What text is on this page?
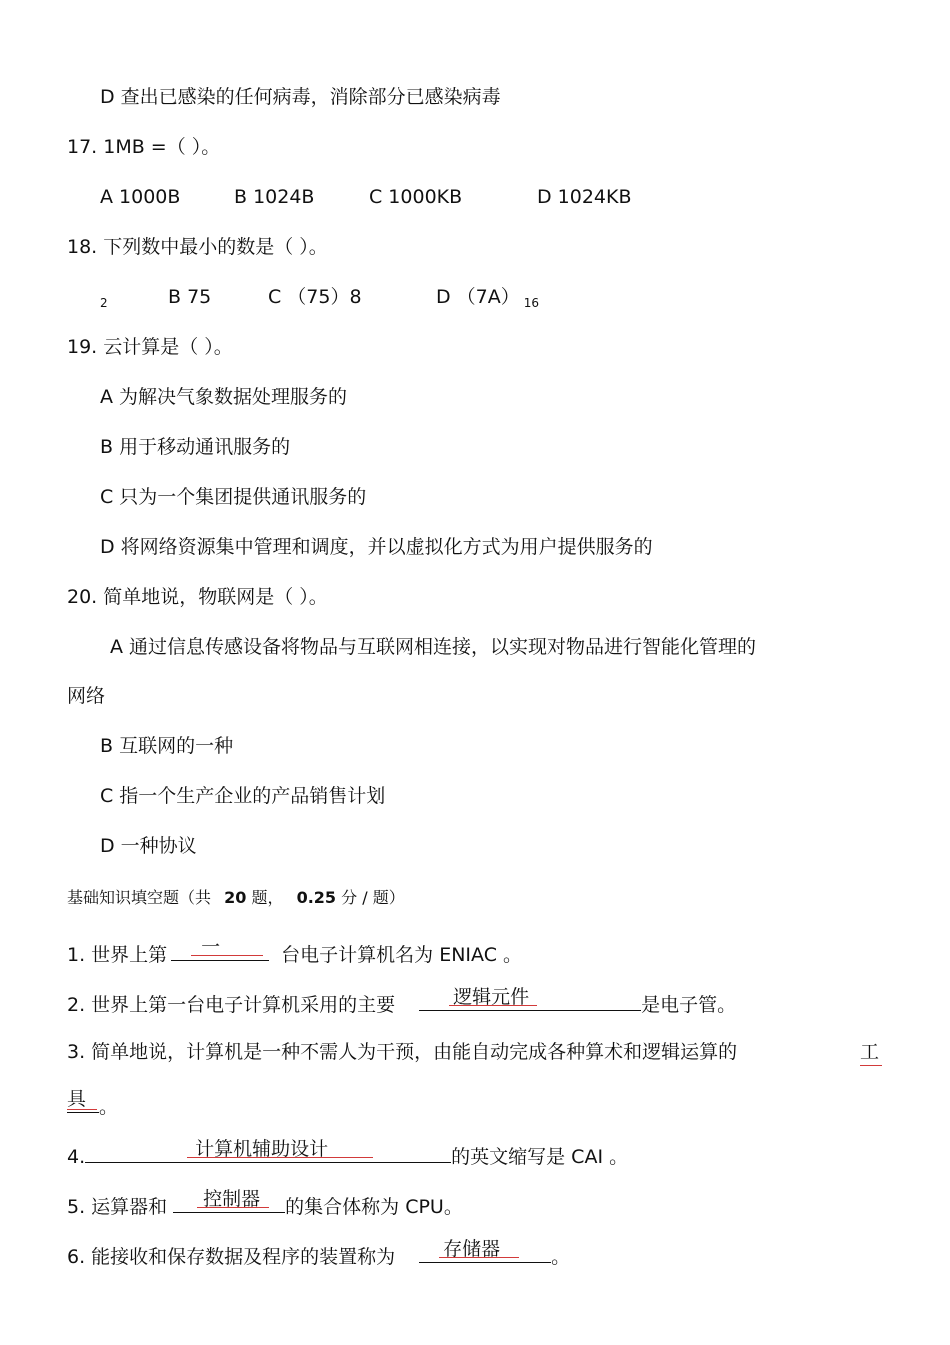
D 查出已感染的任何病毒，消除部分已感染病毒
17. 1MB =（ ）。
A 1000B	B 1024B	C 1000KB	D 1024KB
18. 下列数中最小的数是（ ）。
2	B 75	C （75）8	D （7A） $_{16}$
19. 云计算是（ ）。
A 为解决气象数据处理服务的
B 用于移动通讯服务的
C 只为一个集团提供通讯服务的
D 将网络资源集中管理和调度，并以虚拟化方式为用户提供服务的
20. 简单地说，物联网是（ ）。
A 通过信息传感设备将物品与互联网相连接，以实现对物品进行智能化管理的
网络
B 互联网的一种
C 指一个生产企业的产品销售计划
D 一种协议
基础知识填空题（共 20 题， 0.25 分 / 题）
1. 世界上第 一	台电子计算机名为 ENIAC 。
2. 世界上第一台电子计算机采用的主要	逻辑元件	是电子管。
3. 简单地说，计算机是一种不需人为干预，由能自动完成各种算术和逻辑运算的	工
具 。
4.	计算机辅助设计	的英文缩写是 CAI 。
5. 运算器和 控制器 的集合体称为 CPU。
6. 能接收和保存数据及程序的装置称为	存储器	。
